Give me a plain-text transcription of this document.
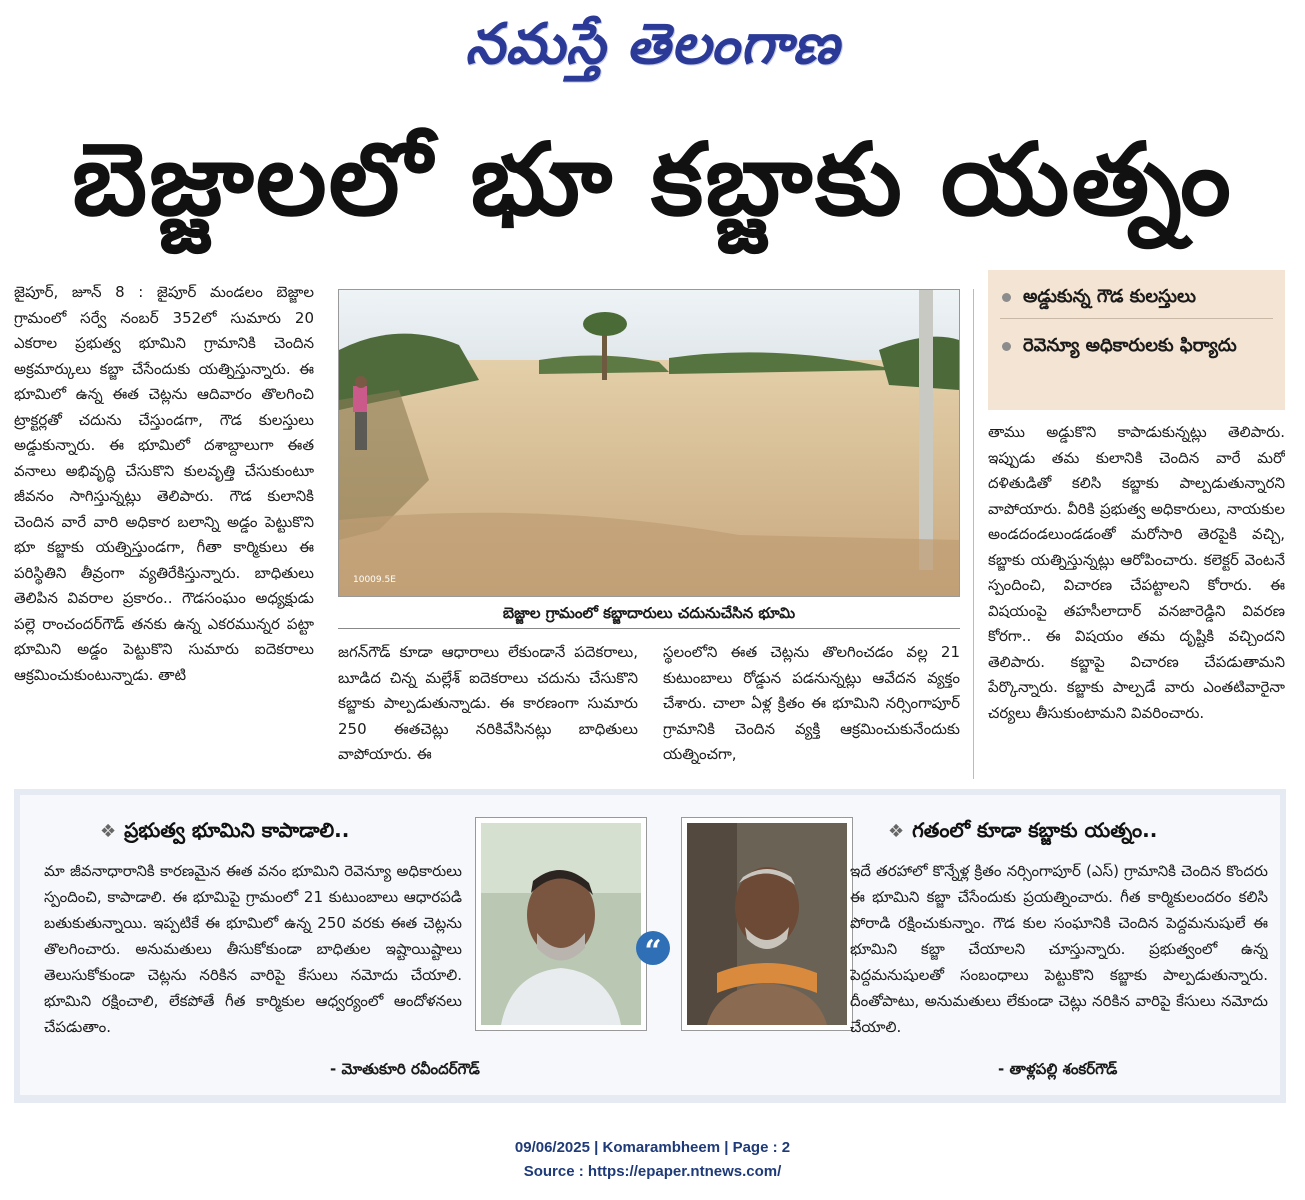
నమస్తే తెలంగాణ
బెజ్జాలలో భూ కబ్జాకు యత్నం

జైపూర్‌, జూన్‌ 8 : జైపూర్‌ మండలం బెజ్జాల గ్రామంలో సర్వే నంబర్‌ 352లో సుమారు 20 ఎకరాల ప్రభుత్వ భూమిని గ్రామానికి చెందిన అక్రమార్కులు కబ్జా చేసేందుకు యత్నిస్తున్నారు. ఈ భూమిలో ఉన్న ఈత చెట్లను ఆదివారం తొలగించి ట్రాక్టర్లతో చదును చేస్తుండగా, గౌడ కులస్తులు అడ్డుకున్నారు. ఈ భూమిలో దశాబ్దాలుగా ఈత వనాలు అభివృద్ధి చేసుకొని కులవృత్తి చేసుకుంటూ జీవనం సాగిస్తున్నట్లు తెలిపారు. గౌడ కులానికి చెందిన వారే వారి అధికార బలాన్ని అడ్డం పెట్టుకొని భూ కబ్జాకు యత్నిస్తుండగా, గీతా కార్మికులు ఈ పరిస్థితిని తీవ్రంగా వ్యతిరేకిస్తున్నారు. బాధితులు తెలిపిన వివరాల ప్రకారం.. గౌడసంఘం అధ్యక్షుడు పల్లె రాంచందర్‌గౌడ్‌ తనకు ఉన్న ఎకరమున్నర పట్టా భూమిని అడ్డం పెట్టుకొని సుమారు ఐదెకరాలు ఆక్రమించుకుంటున్నాడు. తాటి

10009.5E
బెజ్జాల గ్రామంలో కబ్జాదారులు చదునుచేసిన భూమి

జగన్‌గౌడ్‌ కూడా ఆధారాలు లేకుండానే పదెకరాలు, బూడిద చిన్న మల్లేశ్‌ ఐదెకరాలు చదును చేసుకొని కబ్జాకు పాల్పడుతున్నాడు. ఈ కారణంగా సుమారు 250 ఈతచెట్లు నరికివేసినట్లు బాధితులు వాపోయారు. ఈ

స్థలంలోని ఈత చెట్లను తొలగించడం వల్ల 21 కుటుంబాలు రోడ్డున పడనున్నట్లు ఆవేదన వ్యక్తం చేశారు. చాలా ఏళ్ల క్రితం ఈ భూమిని నర్సింగాపూర్‌ గ్రామానికి చెందిన వ్యక్తి ఆక్రమించుకునేందుకు యత్నించగా,

అడ్డుకున్న గౌడ కులస్తులు
రెవెన్యూ అధికారులకు ఫిర్యాదు

తాము అడ్డుకొని కాపాడుకున్నట్లు తెలిపారు. ఇప్పుడు తమ కులానికి చెందిన వారే మరో దళితుడితో కలిసి కబ్జాకు పాల్పడుతున్నారని వాపోయారు. వీరికి ప్రభుత్వ అధికారులు, నాయకుల అండదండలుండడంతో మరోసారి తెరపైకి వచ్చి, కబ్జాకు యత్నిస్తున్నట్లు ఆరోపించారు. కలెక్టర్‌ వెంటనే స్పందించి, విచారణ చేపట్టాలని కోరారు. ఈ విషయంపై తహసీలాదార్‌ వనజారెడ్డిని వివరణ కోరగా.. ఈ విషయం తమ దృష్టికి వచ్చిందని తెలిపారు. కబ్జాపై విచారణ చేపడుతామని పేర్కొన్నారు. కబ్జాకు పాల్పడే వారు ఎంతటివారైనా చర్యలు తీసుకుంటామని వివరించారు.

❖ ప్రభుత్వ భూమిని కాపాడాలి..
మా జీవనాధారానికి కారణమైన ఈత వనం భూమిని రెవెన్యూ అధికారులు స్పందించి, కాపాడాలి. ఈ భూమిపై గ్రామంలో 21 కుటుంబాలు ఆధారపడి బతుకుతున్నాయి. ఇప్పటికే ఈ భూమిలో ఉన్న 250 వరకు ఈత చెట్లను తొలగించారు. అనుమతులు తీసుకోకుండా బాధితుల ఇష్టాయిష్టాలు తెలుసుకోకుండా చెట్లను నరికిన వారిపై కేసులు నమోదు చేయాలి. భూమిని రక్షించాలి, లేకపోతే గీత కార్మికుల ఆధ్వర్యంలో ఆందోళనలు చేపడుతాం.
- మోతుకూరి రవీందర్‌గౌడ్‌
“
❖ గతంలో కూడా కబ్జాకు యత్నం..
ఇదే తరహాలో కొన్నేళ్ల క్రితం నర్సింగాపూర్‌ (ఎస్‌) గ్రామానికి చెందిన కొందరు ఈ భూమిని కబ్జా చేసేందుకు ప్రయత్నించారు. గీత కార్మికులందరం కలిసి పోరాడి రక్షించుకున్నాం. గౌడ కుల సంఘానికి చెందిన పెద్దమనుషులే ఈ భూమిని కబ్జా చేయాలని చూస్తున్నారు. ప్రభుత్వంలో ఉన్న పెద్దమనుషులతో సంబంధాలు పెట్టుకొని కబ్జాకు పాల్పడుతున్నారు. దీంతోపాటు, అనుమతులు లేకుండా చెట్లు నరికిన వారిపై కేసులు నమోదు చేయాలి.
- తాళ్లపల్లి శంకర్‌గౌడ్‌
09/06/2025 | Komarambheem | Page : 2
Source : https://epaper.ntnews.com/
